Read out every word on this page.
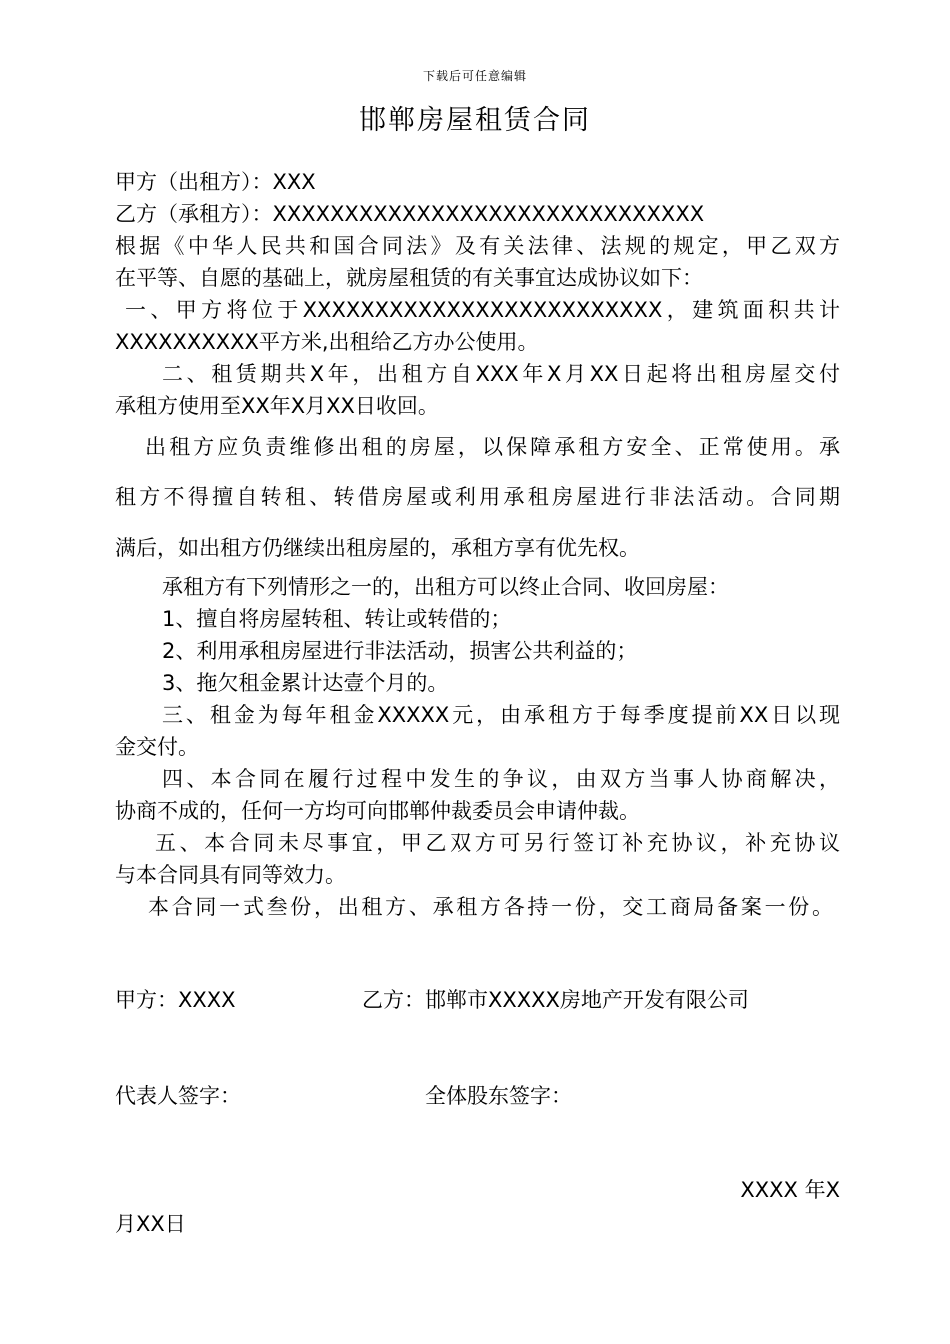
下载后可任意编辑
邯郸房屋租赁合同
甲方（出租方）：XXX
乙方（承租方）：XXXXXXXXXXXXXXXXXXXXXXXXXXXXXX
根据《中华人民共和国合同法》及有关法律、法规的规定，甲乙双方
在平等、自愿的基础上，就房屋租赁的有关事宜达成协议如下：
一、甲方将位于XXXXXXXXXXXXXXXXXXXXXXXXX，建筑面积共计
XXXXXXXXXX平方米,出租给乙方办公使用。
二、租赁期共X年，出租方自XXX年X月XX日起将出租房屋交付
承租方使用至XX年X月XX日收回。
出租方应负责维修出租的房屋，以保障承租方安全、正常使用。承
租方不得擅自转租、转借房屋或利用承租房屋进行非法活动。合同期
满后，如出租方仍继续出租房屋的，承租方享有优先权。
承租方有下列情形之一的，出租方可以终止合同、收回房屋：
1、擅自将房屋转租、转让或转借的；
2、利用承租房屋进行非法活动，损害公共利益的；
3、拖欠租金累计达壹个月的。
三、租金为每年租金XXXXX元，由承租方于每季度提前XX日以现
金交付。
四、本合同在履行过程中发生的争议，由双方当事人协商解决，
协商不成的，任何一方均可向邯郸仲裁委员会申请仲裁。
五、本合同未尽事宜，甲乙双方可另行签订补充协议，补充协议
与本合同具有同等效力。
本合同一式叁份，出租方、承租方各持一份，交工商局备案一份。
甲方：XXXX	乙方：邯郸市XXXXX房地产开发有限公司
代表人签字：	全体股东签字：
XXXX 年X
月XX日
